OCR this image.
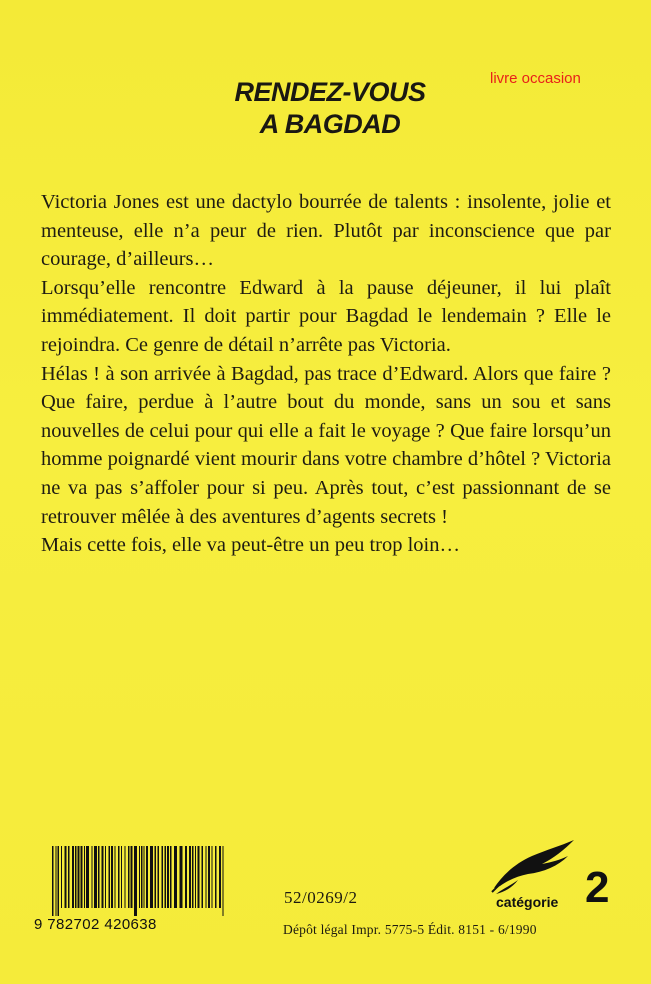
livre occasion
RENDEZ-VOUS
A BAGDAD

Victoria Jones est une dactylo bourrée de talents : insolente, jolie et menteuse, elle n’a peur de rien. Plutôt par inconscience que par courage, d’ailleurs…

Lorsqu’elle rencontre Edward à la pause déjeuner, il lui plaît immédiatement. Il doit partir pour Bagdad le lendemain ? Elle le rejoindra. Ce genre de détail n’arrête pas Victoria.

Hélas ! à son arrivée à Bagdad, pas trace d’Edward. Alors que faire ? Que faire, perdue à l’autre bout du monde, sans un sou et sans nouvelles de celui pour qui elle a fait le voyage ? Que faire lorsqu’un homme poignardé vient mourir dans votre chambre d’hôtel ? Victoria ne va pas s’affoler pour si peu. Après tout, c’est passionnant de se retrouver mêlée à des aventures d’agents secrets !

Mais cette fois, elle va peut-être un peu trop loin…

9 782702 420638
52/0269/2
Dépôt légal Impr. 5775-5 Édit. 8151 - 6/1990
catégorie 2
